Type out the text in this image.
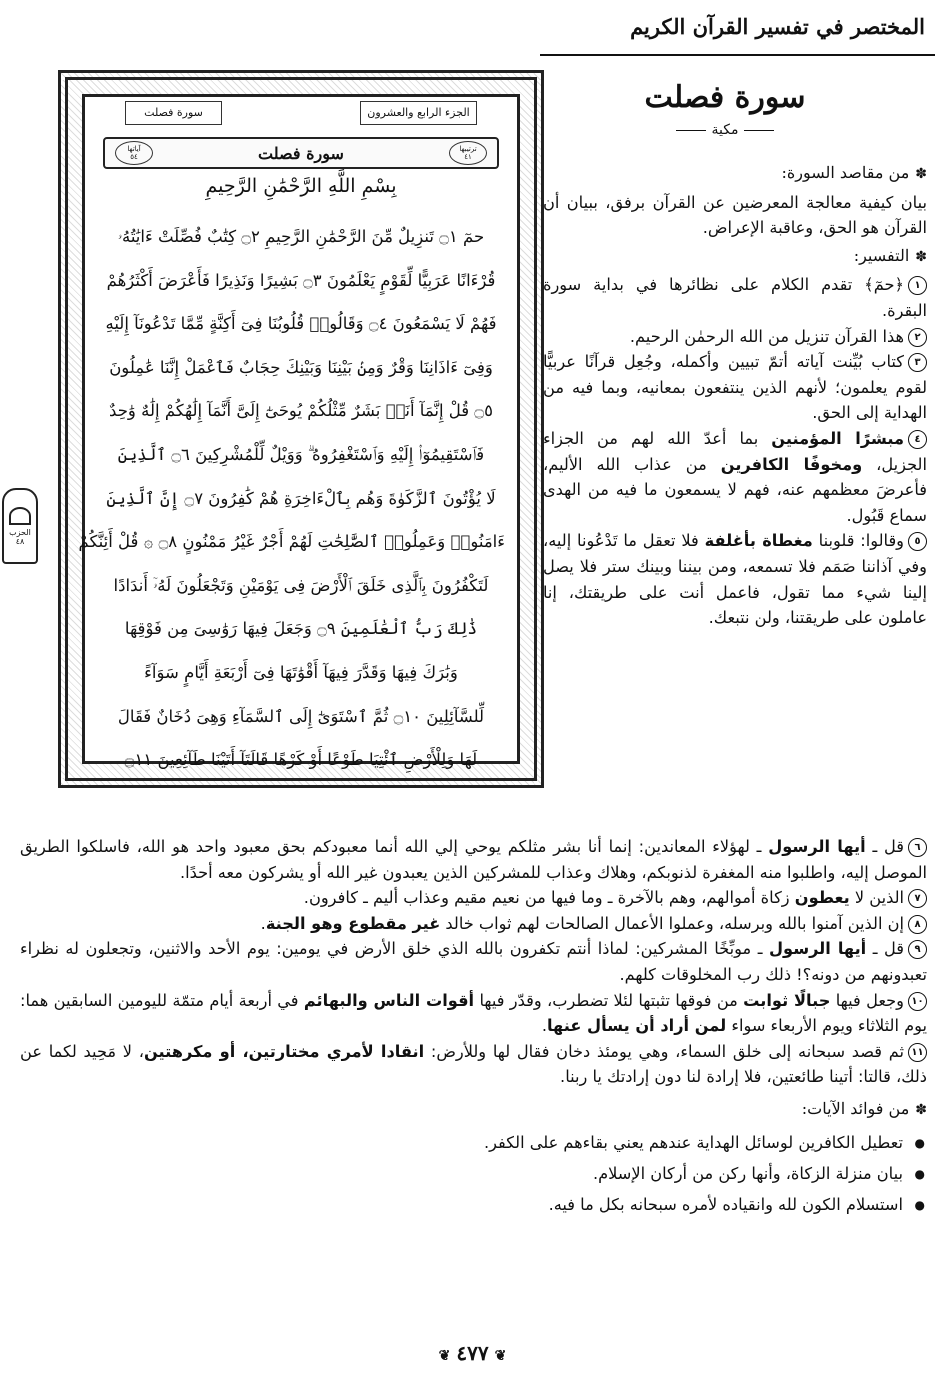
المختصر في تفسير القرآن الكريم
الجزء الرابع والعشرون
سورة فصلت
آياتها
٥٤	سورة فصلت	ترتيبها
٤١
بِسْمِ اللَّهِ الرَّحْمَٰنِ الرَّحِيمِ
حمٓ ۝١ تَنزِيلٌ مِّنَ الرَّحْمَٰنِ الرَّحِيمِ ۝٢ كِتَٰبٌ فُصِّلَتْ ءَايَٰتُهُۥ
قُرْءَانًا عَرَبِيًّا لِّقَوْمٍ يَعْلَمُونَ ۝٣ بَشِيرًا وَنَذِيرًا فَأَعْرَضَ أَكْثَرُهُمْ
فَهُمْ لَا يَسْمَعُونَ ۝٤ وَقَالُوا۟ قُلُوبُنَا فِىٓ أَكِنَّةٍ مِّمَّا تَدْعُونَآ إِلَيْهِ
وَفِىٓ ءَاذَانِنَا وَقْرٌ وَمِنۢ بَيْنِنَا وَبَيْنِكَ حِجَابٌ فَٱعْمَلْ إِنَّنَا عَٰمِلُونَ
۝٥ قُلْ إِنَّمَآ أَنَا۠ بَشَرٌ مِّثْلُكُمْ يُوحَىٰٓ إِلَىَّ أَنَّمَآ إِلَٰهُكُمْ إِلَٰهٌ وَٰحِدٌ
فَٱسْتَقِيمُوٓا۟ إِلَيْهِ وَٱسْتَغْفِرُوهُ ۗ وَوَيْلٌ لِّلْمُشْرِكِينَ ۝٦ ٱلَّذِينَ
لَا يُؤْتُونَ ٱلزَّكَوٰةَ وَهُم بِٱلْءَاخِرَةِ هُمْ كَٰفِرُونَ ۝٧ إِنَّ ٱلَّذِينَ
ءَامَنُوا۟ وَعَمِلُوا۟ ٱلصَّٰلِحَٰتِ لَهُمْ أَجْرٌ غَيْرُ مَمْنُونٍ ۝٨ ۞ قُلْ أَئِنَّكُمْ
لَتَكْفُرُونَ بِٱلَّذِى خَلَقَ ٱلْأَرْضَ فِى يَوْمَيْنِ وَتَجْعَلُونَ لَهُۥٓ أَندَادًا
ذَٰلِكَ رَبُّ ٱلْعَٰلَمِينَ ۝٩ وَجَعَلَ فِيهَا رَوَٰسِىَ مِن فَوْقِهَا
وَبَٰرَكَ فِيهَا وَقَدَّرَ فِيهَآ أَقْوَٰتَهَا فِىٓ أَرْبَعَةِ أَيَّامٍ سَوَآءً
لِّلسَّآئِلِينَ ۝١٠ ثُمَّ ٱسْتَوَىٰٓ إِلَى ٱلسَّمَآءِ وَهِىَ دُخَانٌ فَقَالَ
لَهَا وَلِلْأَرْضِ ٱئْتِيَا طَوْعًا أَوْ كَرْهًا قَالَتَآ أَتَيْنَا طَآئِعِينَ ۝١١
الحزب
٤٨
سورة فصلت
مكية
✽من مقاصد السورة:

بيان كيفية معالجة المعرضين عن القرآن برفق، ببيان أن القرآن هو الحق، وعاقبة الإعراض.

✽التفسير:

١﴿حمٓ﴾ تقدم الكلام على نظائرها في بداية سورة البقرة.

٢هذا القرآن تنزيل من الله الرحمٰن الرحيم.

٣كتاب بُيِّنت آياته أتمّ تبيين وأكمله، وجُعِل قرآنًا عربيًّا لقوم يعلمون؛ لأنهم الذين ينتفعون بمعانيه، وبما فيه من الهداية إلى الحق.

٤مبشرًا المؤمنين بما أعدّ الله لهم من الجزاء الجزيل، ومخوفًا الكافرين من عذاب الله الأليم، فأعرضَ معظمهم عنه، فهم لا يسمعون ما فيه من الهدى سماع قَبُول.

٥وقالوا: قلوبنا مغطاة بأغلفة فلا تعقل ما تَدْعُونا إليه، وفي آذاننا صَمَم فلا تسمعه، ومن بيننا وبينك ستر فلا يصل إلينا شيء مما تقول، فاعمل أنت على طريقتك، إنا عاملون على طريقتنا، ولن نتبعك.

٦قل ـ أيها الرسول ـ لهؤلاء المعاندين: إنما أنا بشر مثلكم يوحي إلي الله أنما معبودكم بحق معبود واحد هو الله، فاسلكوا الطريق الموصل إليه، واطلبوا منه المغفرة لذنوبكم، وهلاك وعذاب للمشركين الذين يعبدون غير الله أو يشركون معه أحدًا.

٧الذين لا يعطون زكاة أموالهم، وهم بالآخرة ـ وما فيها من نعيم مقيم وعذاب أليم ـ كافرون.

٨إن الذين آمنوا بالله وبرسله، وعملوا الأعمال الصالحات لهم ثواب خالد غير مقطوع وهو الجنة.

٩قل ـ أيها الرسول ـ موبِّخًا المشركين: لماذا أنتم تكفرون بالله الذي خلق الأرض في يومين: يوم الأحد والاثنين، وتجعلون له نظراء تعبدونهم من دونه؟! ذلك رب المخلوقات كلهم.

١٠وجعل فيها جبالًا ثوابت من فوقها تثبتها لئلا تضطرب، وقدّر فيها أقوات الناس والبهائم في أربعة أيام متمّة لليومين السابقين هما: يوم الثلاثاء ويوم الأربعاء سواء لمن أراد أن يسأل عنها.

١١ثم قصد سبحانه إلى خلق السماء، وهي يومئذ دخان فقال لها وللأرض: انقادا لأمري مختارتين، أو مكرهتين، لا مَحِيد لكما عن ذلك، قالتا: أتينا طائعتين، فلا إرادة لنا دون إرادتك يا ربنا.

✽من فوائد الآيات:
● تعطيل الكافرين لوسائل الهداية عندهم يعني بقاءهم على الكفر.
● بيان منزلة الزكاة، وأنها ركن من أركان الإسلام.
● استسلام الكون لله وانقياده لأمره سبحانه بكل ما فيه.
❦ ٤٧٧ ❦
